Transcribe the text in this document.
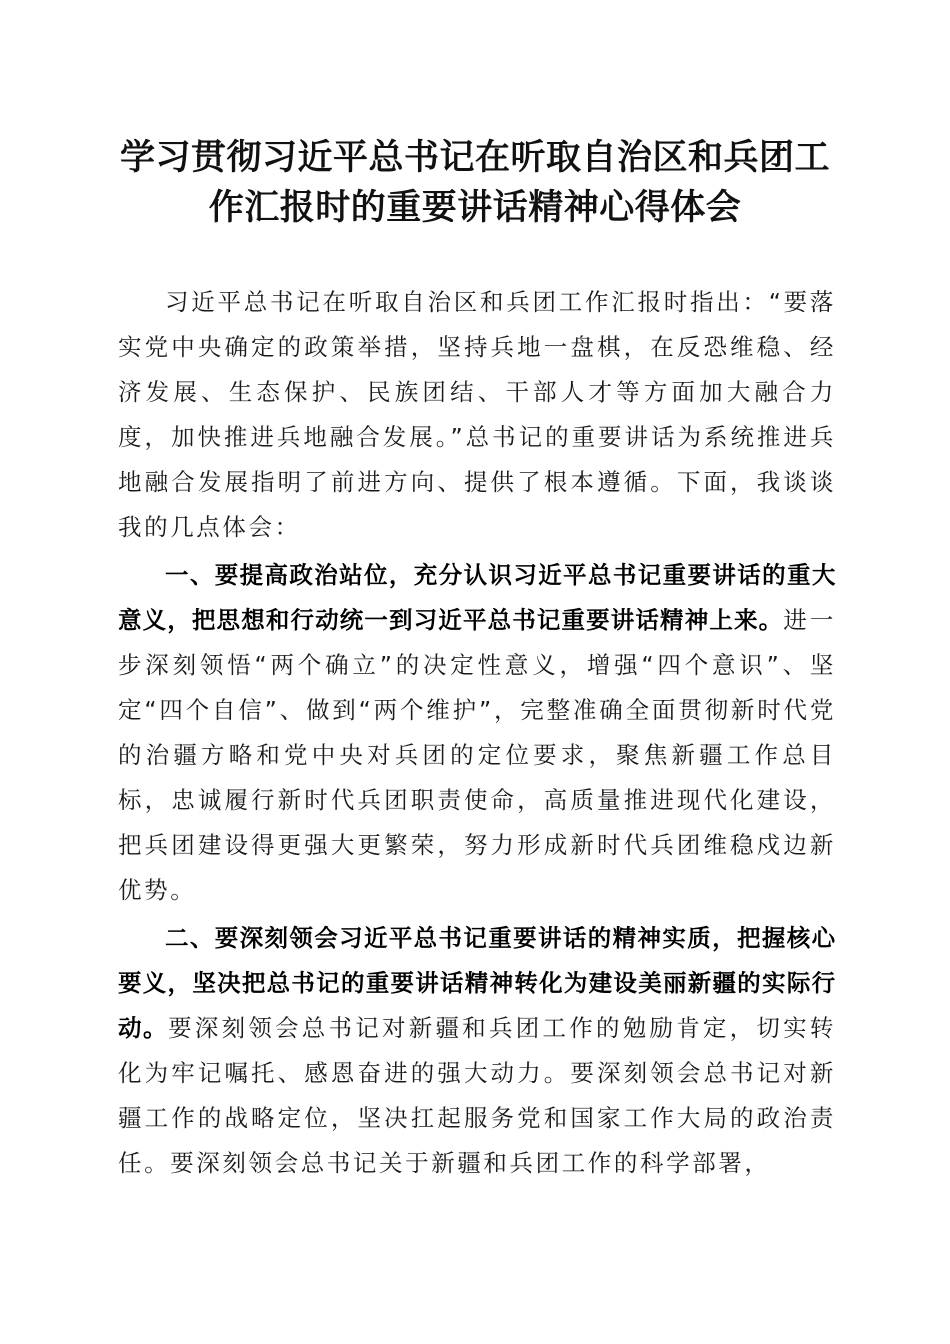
学习贯彻习近平总书记在听取自治区和兵团工
作汇报时的重要讲话精神心得体会

习近平总书记在听取自治区和兵团工作汇报时指出：“要落实党中央确定的政策举措，坚持兵地一盘棋，在反恐维稳、经济发展、生态保护、民族团结、干部人才等方面加大融合力度，加快推进兵地融合发展。”总书记的重要讲话为系统推进兵地融合发展指明了前进方向、提供了根本遵循。下面，我谈谈我的几点体会：

一、要提高政治站位，充分认识习近平总书记重要讲话的重大意义，把思想和行动统一到习近平总书记重要讲话精神上来。进一步深刻领悟“两个确立”的决定性意义，增强“四个意识”、坚定“四个自信”、做到“两个维护”，完整准确全面贯彻新时代党的治疆方略和党中央对兵团的定位要求，聚焦新疆工作总目标，忠诚履行新时代兵团职责使命，高质量推进现代化建设，把兵团建设得更强大更繁荣，努力形成新时代兵团维稳戍边新优势。

二、要深刻领会习近平总书记重要讲话的精神实质，把握核心要义，坚决把总书记的重要讲话精神转化为建设美丽新疆的实际行动。要深刻领会总书记对新疆和兵团工作的勉励肯定，切实转化为牢记嘱托、感恩奋进的强大动力。要深刻领会总书记对新疆工作的战略定位，坚决扛起服务党和国家工作大局的政治责任。要深刻领会总书记关于新疆和兵团工作的科学部署，
